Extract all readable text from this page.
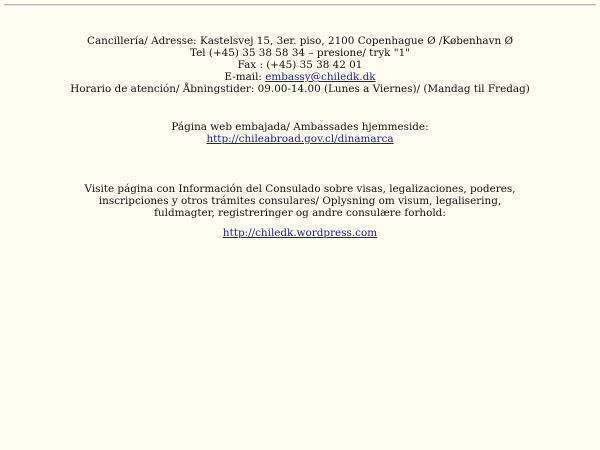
Cancillería/ Adresse: Kastelsvej 15, 3er. piso, 2100 Copenhague Ø /København Ø
Tel (+45) 35 38 58 34 – presione/ tryk "1"
Fax : (+45) 35 38 42 01
E-mail: embassy@chiledk.dk
Horario de atención/ Åbningstider: 09.00-14.00 (Lunes a Viernes)/ (Mandag til Fredag)
Página web embajada/ Ambassades hjemmeside:
http://chileabroad.gov.cl/dinamarca
Visite página con Información del Consulado sobre visas, legalizaciones, poderes,
inscripciones y otros trámites consulares/ Oplysning om visum, legalisering,
fuldmagter, registreringer og andre consulære forhold:
http://chiledk.wordpress.com
